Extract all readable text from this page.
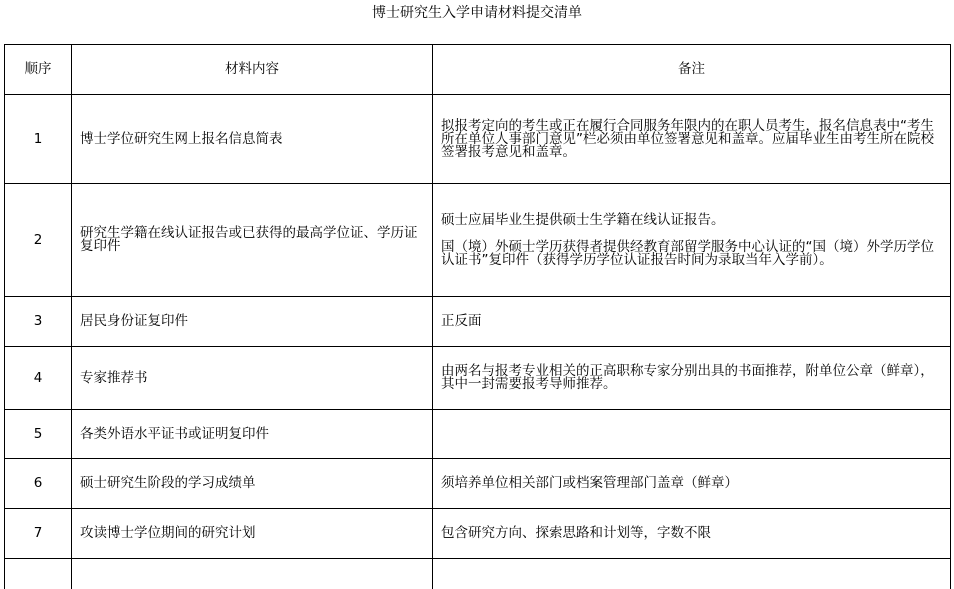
博士研究生入学申请材料提交清单
顺序	材料内容	备注
1	博士学位研究生网上报名信息简表	拟报考定向的考生或正在履行合同服务年限内的在职人员考生，报名信息表中“考生所在单位人事部门意见”栏必须由单位签署意见和盖章。应届毕业生由考生所在院校签署报考意见和盖章。

2	研究生学籍在线认证报告或已获得的最高学位证、学历证复印件	硕士应届毕业生提供硕士生学籍在线认证报告。

国（境）外硕士学历获得者提供经教育部留学服务中心认证的“国（境）外学历学位认证书”复印件（获得学历学位认证报告时间为录取当年入学前）。

3	居民身份证复印件	正反面

4	专家推荐书	由两名与报考专业相关的正高职称专家分别出具的书面推荐，附单位公章（鲜章），其中一封需要报考导师推荐。

5	各类外语水平证书或证明复印件	

6	硕士研究生阶段的学习成绩单	须培养单位相关部门或档案管理部门盖章（鲜章）

7	攻读博士学位期间的研究计划	包含研究方向、探索思路和计划等，字数不限
